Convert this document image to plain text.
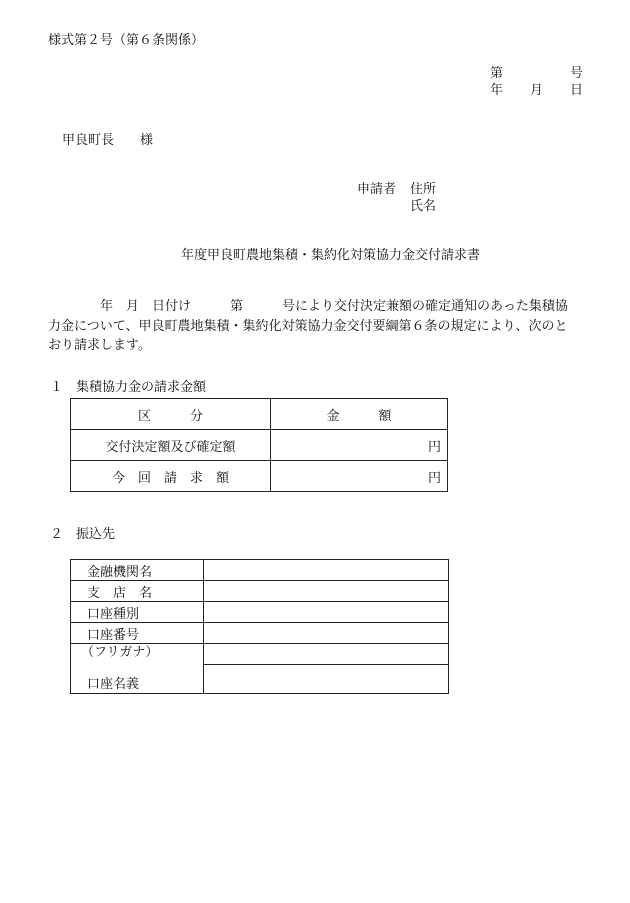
様式第２号（第６条関係）
第	号
年 月 日
甲良町長 様
申請者 住所
氏名
年度甲良町農地集積・集約化対策協力金交付請求書
　　　　年　月　日付け　　　第　　　号により交付決定兼額の確定通知のあった集積協
力金について、甲良町農地集積・集約化対策協力金交付要綱第６条の規定により、次のと
おり請求します。
１　集積協力金の請求金額
区　　　分	金　　　額
交付決定額及び確定額	円
今　回　請　求　額	円
２　振込先
金融機関名	
支　店　名	
口座種別	
口座番号	

（フリガナ）
口座名義	
